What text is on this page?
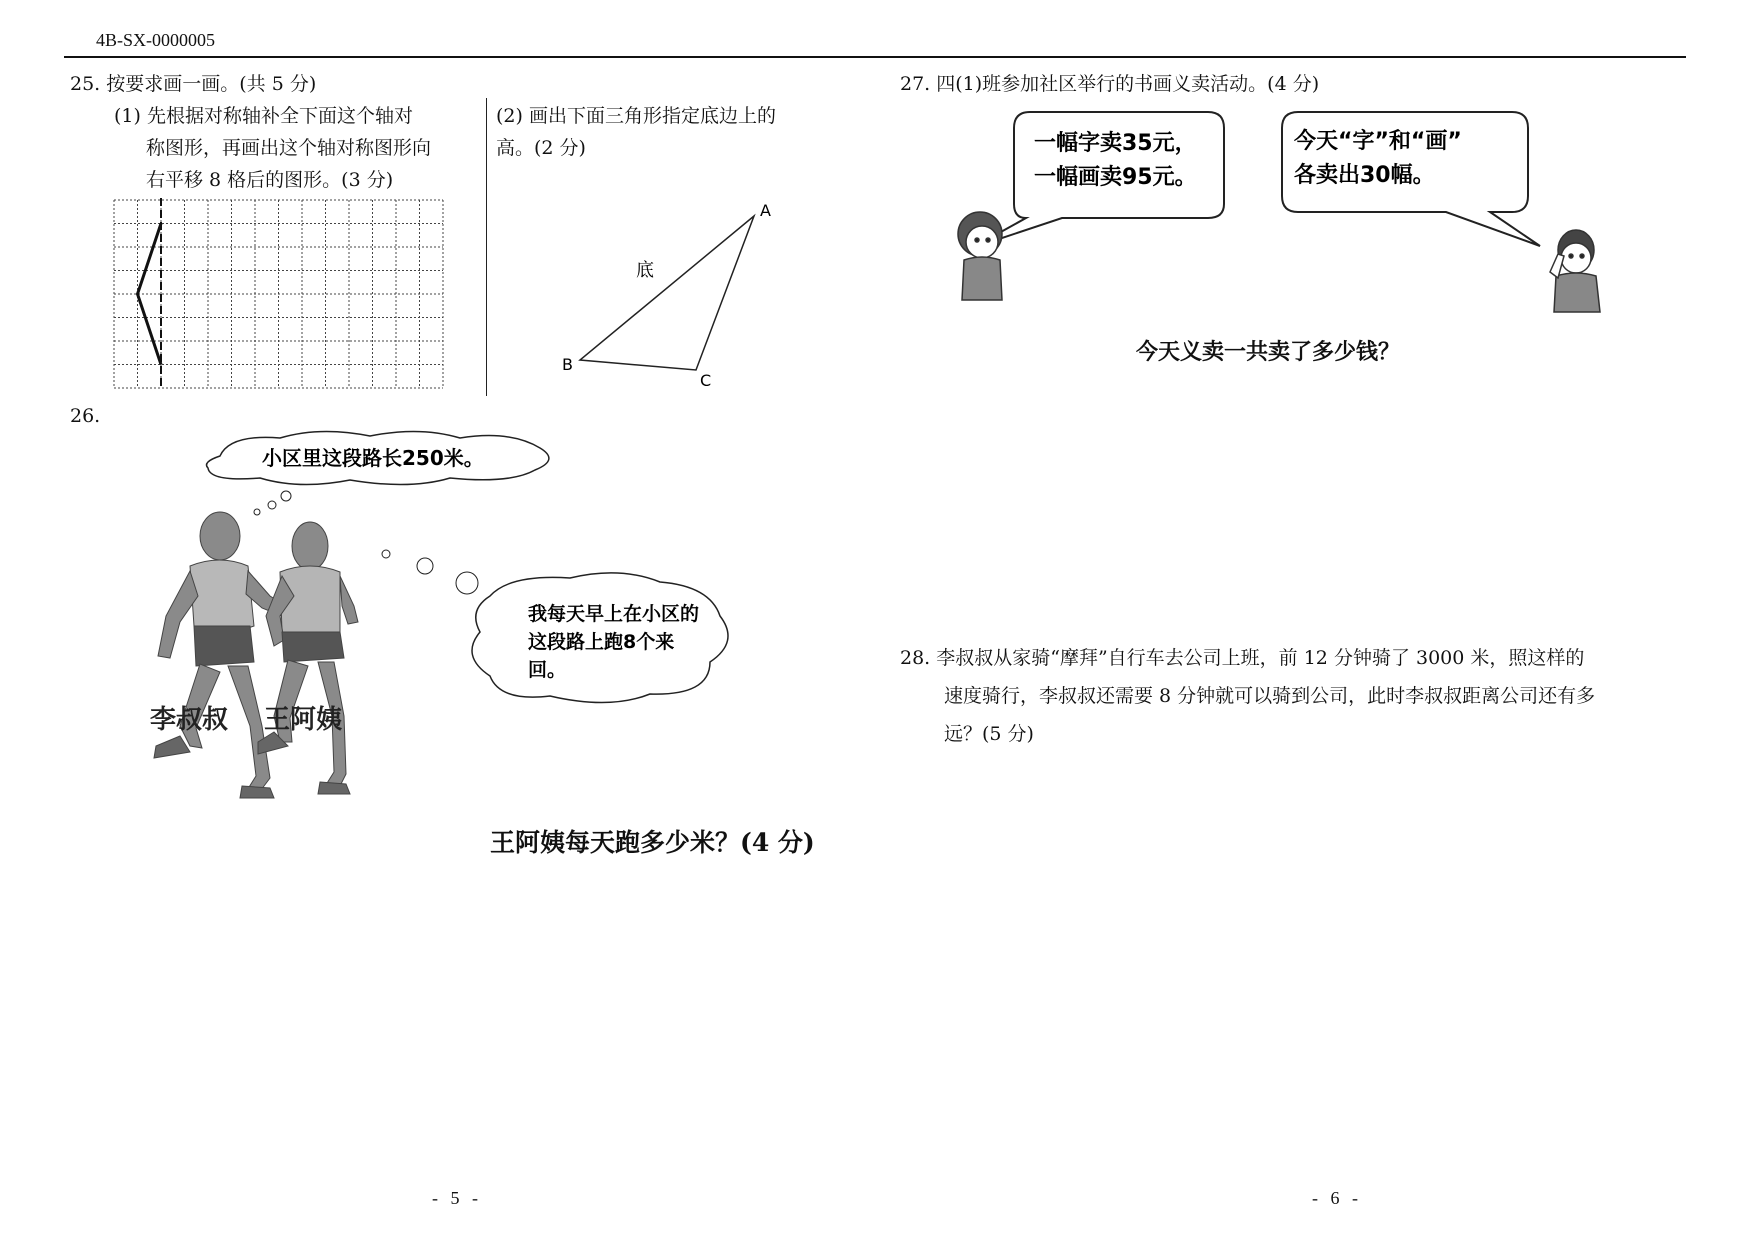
4B-SX-0000005
25. 按要求画一画。(共 5 分)
(1) 先根据对称轴补全下面这个轴对
称图形，再画出这个轴对称图形向
右平移 8 格后的图形。(3 分)
(2) 画出下面三角形指定底边上的
高。(2 分)
A
B
C
底
26.
小区里这段路长250米。
我每天早上在小区的
这段路上跑8个来
回。
李叔叔 王阿姨
王阿姨每天跑多少米？(4 分)
27. 四(1)班参加社区举行的书画义卖活动。(4 分)
一幅字卖35元，
一幅画卖95元。
今天“字”和“画”
各卖出30幅。
今天义卖一共卖了多少钱？
28. 李叔叔从家骑“摩拜”自行车去公司上班，前 12 分钟骑了 3000 米，照这样的
速度骑行，李叔叔还需要 8 分钟就可以骑到公司，此时李叔叔距离公司还有多
远？(5 分)
- 5 -	- 6 -
